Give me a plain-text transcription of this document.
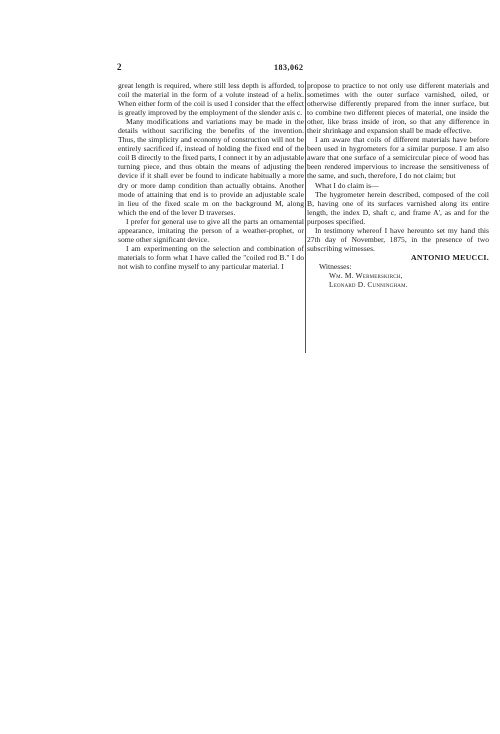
2	183,062

great length is required, where still less depth is afforded, to coil the material in the form of a volute instead of a helix. When either form of the coil is used I consider that the effect is greatly improved by the employment of the slender axis c.

Many modifications and variations may be made in the details without sacrificing the benefits of the invention. Thus, the simplicity and economy of construction will not be entirely sacrificed if, instead of holding the fixed end of the coil B directly to the fixed parts, I connect it by an adjustable turning piece, and thus obtain the means of adjusting the device if it shall ever be found to indicate habitually a more dry or more damp condition than actually obtains. Another mode of attaining that end is to provide an adjustable scale in lieu of the fixed scale m on the background M, along which the end of the lever D traverses.

I prefer for general use to give all the parts an ornamental appearance, imitating the person of a weather-prophet, or some other significant device.

I am experimenting on the selection and combination of materials to form what I have called the "coiled rod B." I do not wish to confine myself to any particular material. I

propose to practice to not only use different materials and sometimes with the outer surface varnished, oiled, or otherwise differently prepared from the inner surface, but to combine two different pieces of material, one inside the other, like brass inside of iron, so that any difference in their shrinkage and expansion shall be made effective.

I am aware that coils of different materials have before been used in hygrometers for a similar purpose. I am also aware that one surface of a semicircular piece of wood has been rendered impervious to increase the sensitiveness of the same, and such, therefore, I do not claim; but

What I do claim is—

The hygrometer herein described, composed of the coil B, having one of its surfaces varnished along its entire length, the index D, shaft c, and frame A', as and for the purposes specified.

In testimony whereof I have hereunto set my hand this 27th day of November, 1875, in the presence of two subscribing witnesses.

ANTONIO MEUCCI.

Witnesses:

Wm. M. Wermerskirch,

Leonard D. Cunningham.
